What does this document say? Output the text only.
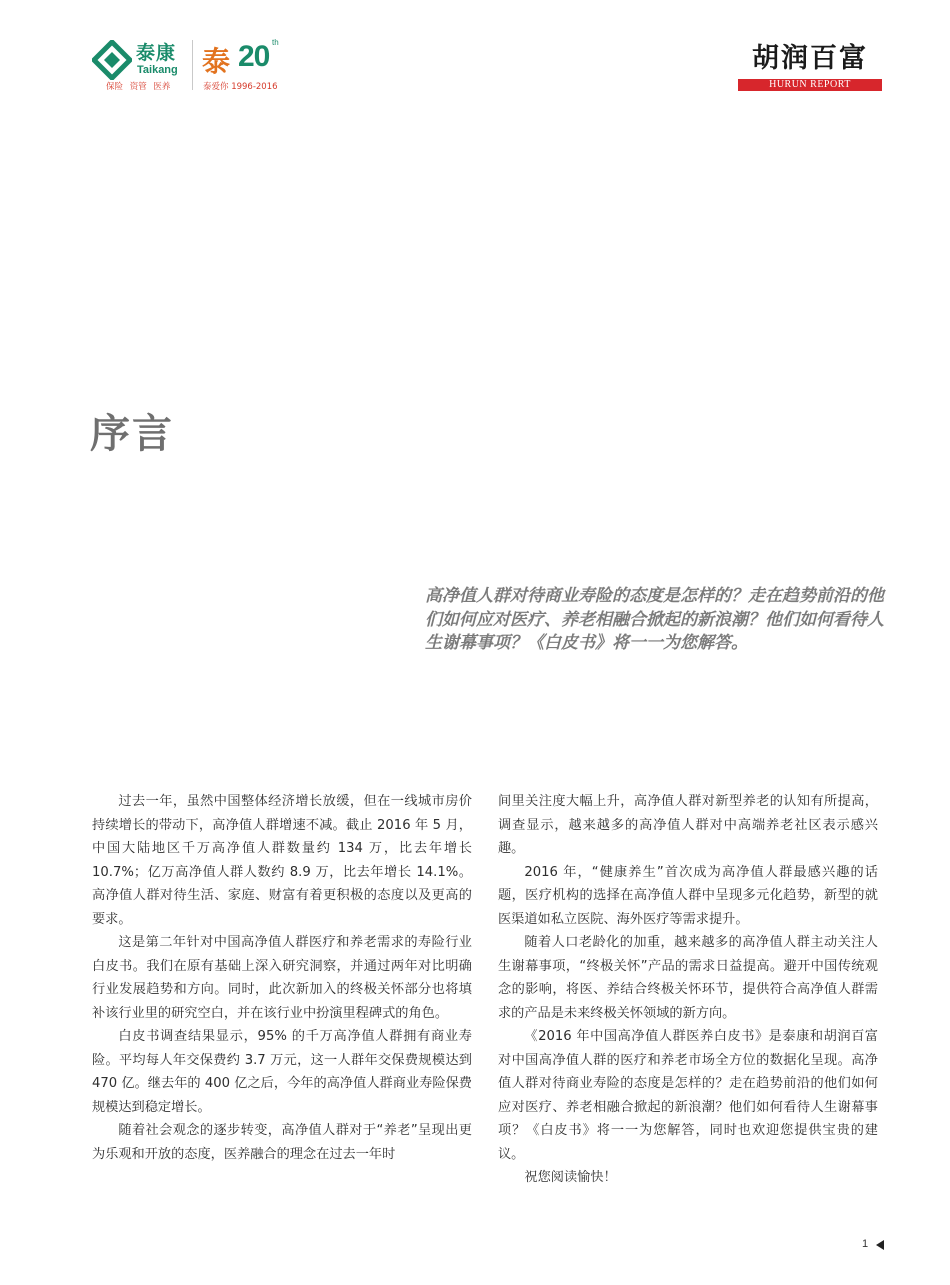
泰康
Taikang
保险 资管 医养
泰 20 th
泰爱你 1996-2016
胡润百富
HURUN REPORT
序言

高净值人群对待商业寿险的态度是怎样的？走在趋势前沿的他们如何应对医疗、养老相融合掀起的新浪潮？他们如何看待人生谢幕事项？《白皮书》将一一为您解答。

过去一年，虽然中国整体经济增长放缓，但在一线城市房价持续增长的带动下，高净值人群增速不减。截止 2016 年 5 月，中国大陆地区千万高净值人群数量约 134 万，比去年增长 10.7%；亿万高净值人群人数约 8.9 万，比去年增长 14.1%。高净值人群对待生活、家庭、财富有着更积极的态度以及更高的要求。

这是第二年针对中国高净值人群医疗和养老需求的寿险行业白皮书。我们在原有基础上深入研究洞察，并通过两年对比明确行业发展趋势和方向。同时，此次新加入的终极关怀部分也将填补该行业里的研究空白，并在该行业中扮演里程碑式的角色。

白皮书调查结果显示，95% 的千万高净值人群拥有商业寿险。平均每人年交保费约 3.7 万元，这一人群年交保费规模达到 470 亿。继去年的 400 亿之后，今年的高净值人群商业寿险保费规模达到稳定增长。

随着社会观念的逐步转变，高净值人群对于“养老”呈现出更为乐观和开放的态度，医养融合的理念在过去一年时

间里关注度大幅上升，高净值人群对新型养老的认知有所提高，调查显示，越来越多的高净值人群对中高端养老社区表示感兴趣。

2016 年，“健康养生”首次成为高净值人群最感兴趣的话题，医疗机构的选择在高净值人群中呈现多元化趋势，新型的就医渠道如私立医院、海外医疗等需求提升。

随着人口老龄化的加重，越来越多的高净值人群主动关注人生谢幕事项，“终极关怀”产品的需求日益提高。避开中国传统观念的影响，将医、养结合终极关怀环节，提供符合高净值人群需求的产品是未来终极关怀领域的新方向。

《2016 年中国高净值人群医养白皮书》是泰康和胡润百富对中国高净值人群的医疗和养老市场全方位的数据化呈现。高净值人群对待商业寿险的态度是怎样的？走在趋势前沿的他们如何应对医疗、养老相融合掀起的新浪潮？他们如何看待人生谢幕事项？《白皮书》将一一为您解答，同时也欢迎您提供宝贵的建议。

祝您阅读愉快！

1
